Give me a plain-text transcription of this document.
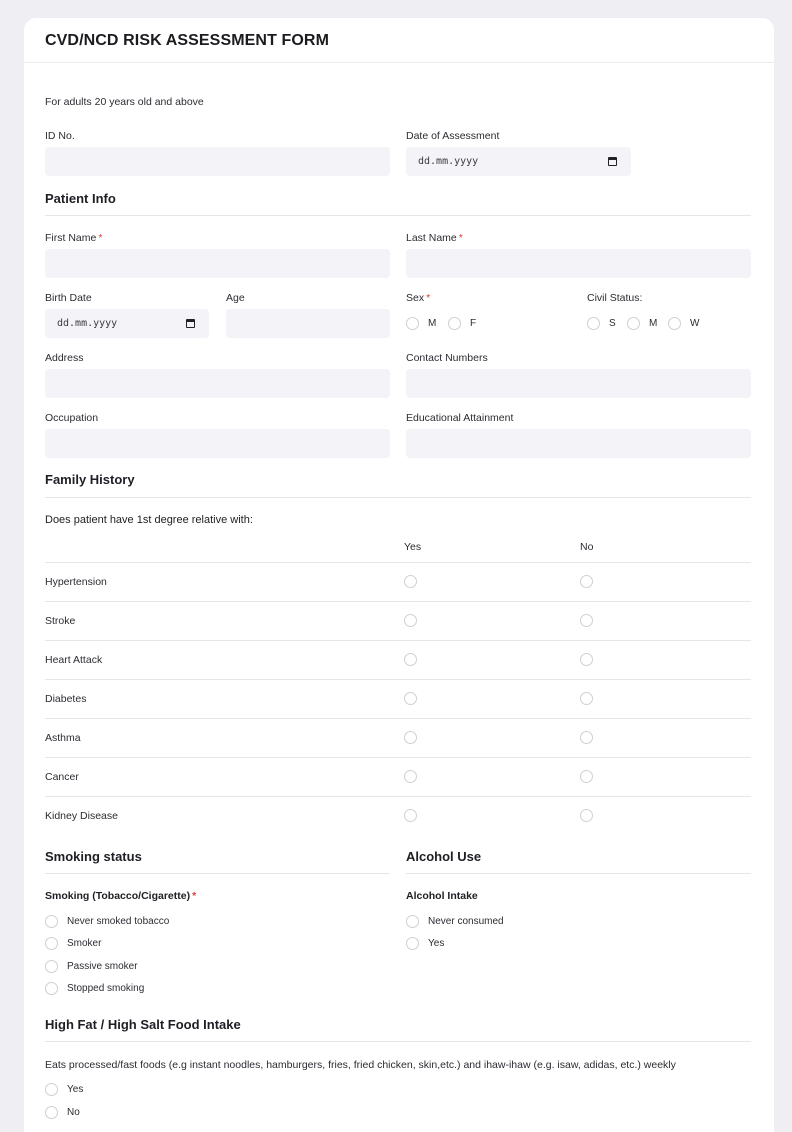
CVD/NCD RISK ASSESSMENT FORM
For adults 20 years old and above
ID No.	Date of Assessment
dd.mm.yyyy
Patient Info
First Name *	Last Name *
Birth Date
dd.mm.yyyy
Age	Sex *
M	F
Civil Status:
S	M	W
Address	Contact Numbers
Occupation	Educational Attainment
Family History
Does patient have 1st degree relative with:
Yes	No
Hypertension
Stroke
Heart Attack
Diabetes
Asthma
Cancer
Kidney Disease
Smoking status	Alcohol Use
Smoking (Tobacco/Cigarette) *	Alcohol Intake
Never smoked tobacco
Smoker
Passive smoker
Stopped smoking
Never consumed
Yes
High Fat / High Salt Food Intake
Eats processed/fast foods (e.g instant noodles, hamburgers, fries, fried chicken, skin,etc.) and ihaw-ihaw (e.g. isaw, adidas, etc.) weekly
Yes
No
